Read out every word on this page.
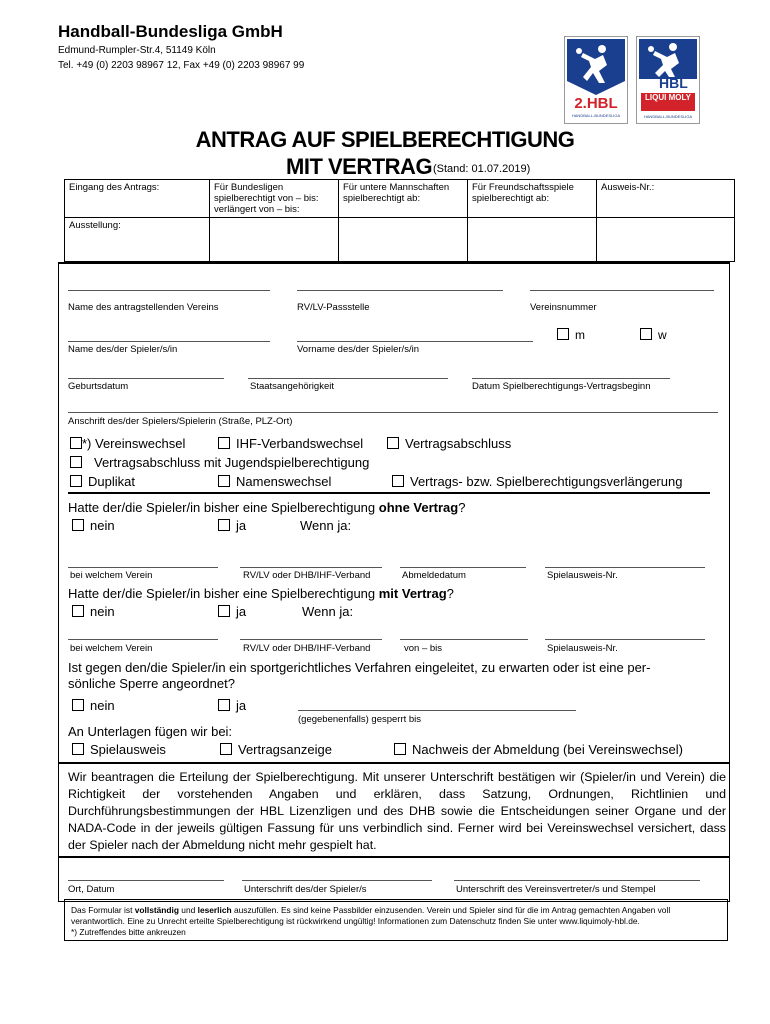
Handball-Bundesliga GmbH
Edmund-Rumpler-Str.4, 51149 Köln
Tel. +49 (0) 2203 98967 12, Fax +49 (0) 2203 98967 99
2.HBL
HANDBALL-BUNDESLIGA
HBL
LIQUI MOLY
HANDBALL-BUNDESLIGA
ANTRAG AUF SPIELBERECHTIGUNG
MIT VERTRAG (Stand: 01.07.2019)
Eingang des Antrags:	Für Bundesligen spielberechtigt von – bis: verlängert von – bis:	Für untere Mannschaften spielberechtigt ab:	Für Freundschaftsspiele spielberechtigt ab:	Ausweis-Nr.:
Ausstellung:				
Name des antragstellenden Vereins	RV/LV-Passstelle	Vereinsnummer
m	w
Name des/der Spieler/s/in	Vorname des/der Spieler/s/in
Geburtsdatum	Staatsangehörigkeit	Datum Spielberechtigungs-Vertragsbeginn
Anschrift des/der Spielers/Spielerin (Straße, PLZ-Ort)
*) Vereinswechsel	IHF-Verbandswechsel	Vertragsabschluss
Vertragsabschluss mit Jugendspielberechtigung
Duplikat	Namenswechsel	Vertrags- bzw. Spielberechtigungsverlängerung
Hatte der/die Spieler/in bisher eine Spielberechtigung ohne Vertrag?
nein	ja	Wenn ja:
bei welchem Verein	RV/LV oder DHB/IHF-Verband	Abmeldedatum	Spielausweis-Nr.
Hatte der/die Spieler/in bisher eine Spielberechtigung mit Vertrag?
nein	ja	Wenn ja:
bei welchem Verein	RV/LV oder DHB/IHF-Verband	von – bis	Spielausweis-Nr.
Ist gegen den/die Spieler/in ein sportgerichtliches Verfahren eingeleitet, zu erwarten oder ist eine per-
sönliche Sperre angeordnet?
nein	ja
(gegebenenfalls) gesperrt bis
An Unterlagen fügen wir bei:
Spielausweis	Vertragsanzeige	Nachweis der Abmeldung (bei Vereinswechsel)
Wir beantragen die Erteilung der Spielberechtigung. Mit unserer Unterschrift bestätigen wir (Spieler/in und Verein) die Richtigkeit der vorstehenden Angaben und erklären, dass Satzung, Ordnungen, Richtlinien und Durchführungsbestimmungen der HBL Lizenzligen und des DHB sowie die Entscheidungen seiner Organe und der NADA-Code in der jeweils gültigen Fassung für uns verbindlich sind. Ferner wird bei Vereinswechsel versichert, dass der Spieler nach der Abmeldung nicht mehr gespielt hat.
Ort, Datum	Unterschrift des/der Spieler/s	Unterschrift des Vereinsvertreter/s und Stempel
Das Formular ist vollständig und leserlich auszufüllen. Es sind keine Passbilder einzusenden. Verein und Spieler sind für die im Antrag gemachten Angaben voll verantwortlich. Eine zu Unrecht erteilte Spielberechtigung ist rückwirkend ungültig! Informationen zum Datenschutz finden Sie unter www.liquimoly-hbl.de.
*) Zutreffendes bitte ankreuzen
